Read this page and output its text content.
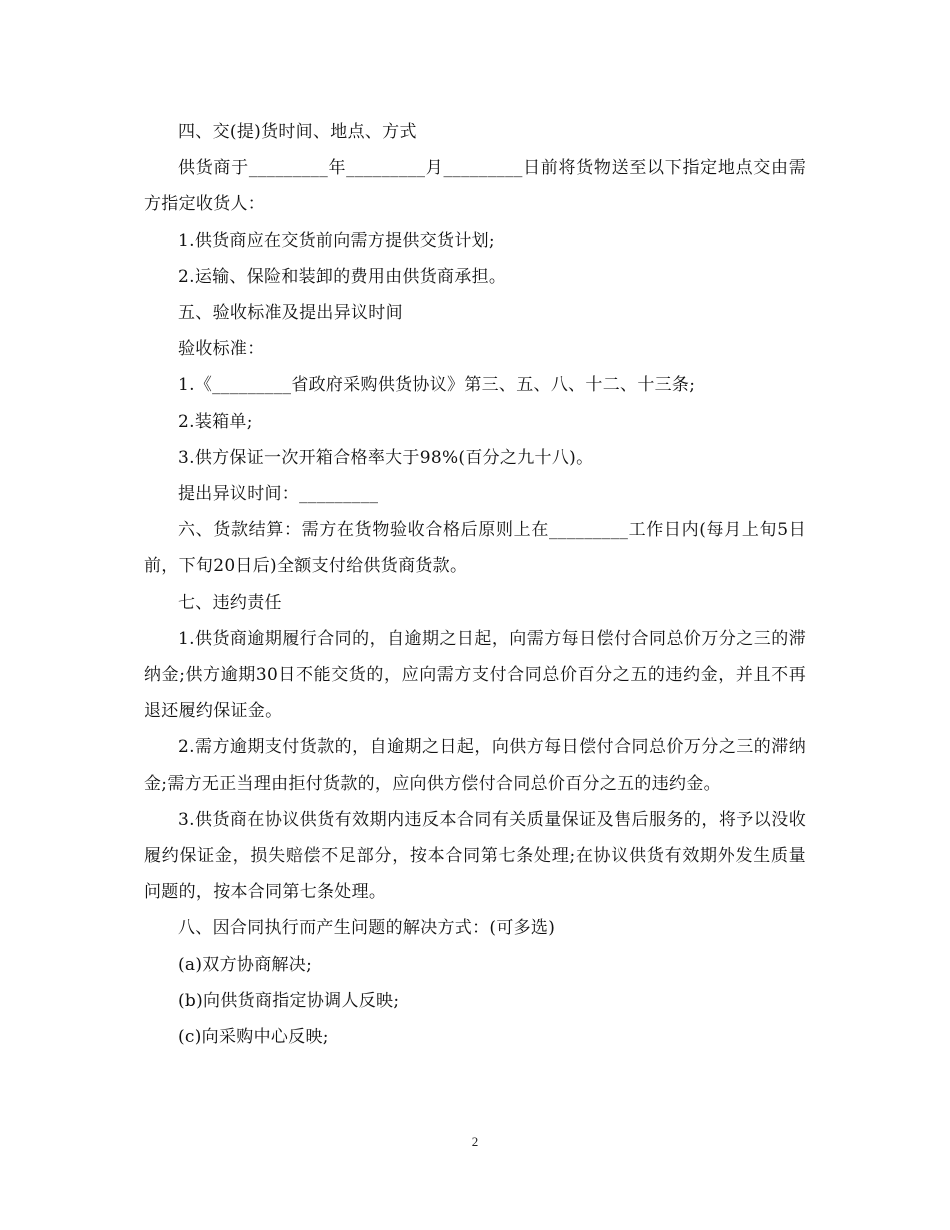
四、交(提)货时间、地点、方式

供货商于_________年_________月_________日前将货物送至以下指定地点交由需方指定收货人：

1.供货商应在交货前向需方提供交货计划;

2.运输、保险和装卸的费用由供货商承担。

五、验收标准及提出异议时间

验收标准：

1.《_________省政府采购供货协议》第三、五、八、十二、十三条;

2.装箱单;

3.供方保证一次开箱合格率大于98%(百分之九十八)。

提出异议时间：_________

六、货款结算：需方在货物验收合格后原则上在_________工作日内(每月上旬5日前，下旬20日后)全额支付给供货商货款。

七、违约责任

1.供货商逾期履行合同的，自逾期之日起，向需方每日偿付合同总价万分之三的滞纳金;供方逾期30日不能交货的，应向需方支付合同总价百分之五的违约金，并且不再退还履约保证金。

2.需方逾期支付货款的，自逾期之日起，向供方每日偿付合同总价万分之三的滞纳金;需方无正当理由拒付货款的，应向供方偿付合同总价百分之五的违约金。

3.供货商在协议供货有效期内违反本合同有关质量保证及售后服务的，将予以没收履约保证金，损失赔偿不足部分，按本合同第七条处理;在协议供货有效期外发生质量问题的，按本合同第七条处理。

八、因合同执行而产生问题的解决方式：(可多选)

(a)双方协商解决;

(b)向供货商指定协调人反映;

(c)向采购中心反映;

2
